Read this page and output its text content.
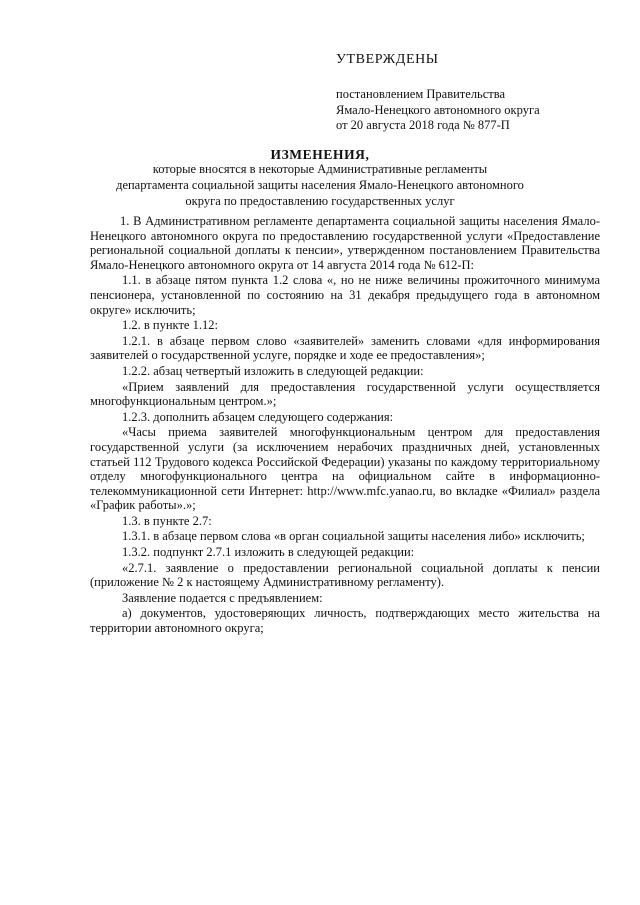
УТВЕРЖДЕНЫ
постановлением Правительства
Ямало-Ненецкого автономного округа
от 20 августа 2018 года № 877-П
ИЗМЕНЕНИЯ,
которые вносятся в некоторые Административные регламенты
департамента социальной защиты населения Ямало-Ненецкого автономного
округа по предоставлению государственных услуг

1. В Административном регламенте департамента социальной защиты населения Ямало-Ненецкого автономного округа по предоставлению государственной услуги «Предоставление региональной социальной доплаты к пенсии», утвержденном постановлением Правительства Ямало-Ненецкого автономного округа от 14 августа 2014 года № 612-П:

1.1. в абзаце пятом пункта 1.2 слова «, но не ниже величины прожиточного минимума пенсионера, установленной по состоянию на 31 декабря предыдущего года в автономном округе» исключить;

1.2. в пункте 1.12:

1.2.1. в абзаце первом слово «заявителей» заменить словами «для информирования заявителей о государственной услуге, порядке и ходе ее предоставления»;

1.2.2. абзац четвертый изложить в следующей редакции:

«Прием заявлений для предоставления государственной услуги осуществляется многофункциональным центром.»;

1.2.3. дополнить абзацем следующего содержания:

«Часы приема заявителей многофункциональным центром для предоставления государственной услуги (за исключением нерабочих праздничных дней, установленных статьей 112 Трудового кодекса Российской Федерации) указаны по каждому территориальному отделу многофункционального центра на официальном сайте в информационно-телекоммуникационной сети Интернет: http://www.mfc.yanao.ru, во вкладке «Филиал» раздела «График работы».»;

1.3. в пункте 2.7:

1.3.1. в абзаце первом слова «в орган социальной защиты населения либо» исключить;

1.3.2. подпункт 2.7.1 изложить в следующей редакции:

«2.7.1. заявление о предоставлении региональной социальной доплаты к пенсии (приложение № 2 к настоящему Административному регламенту).

Заявление подается с предъявлением:

а) документов, удостоверяющих личность, подтверждающих место жительства на территории автономного округа;
